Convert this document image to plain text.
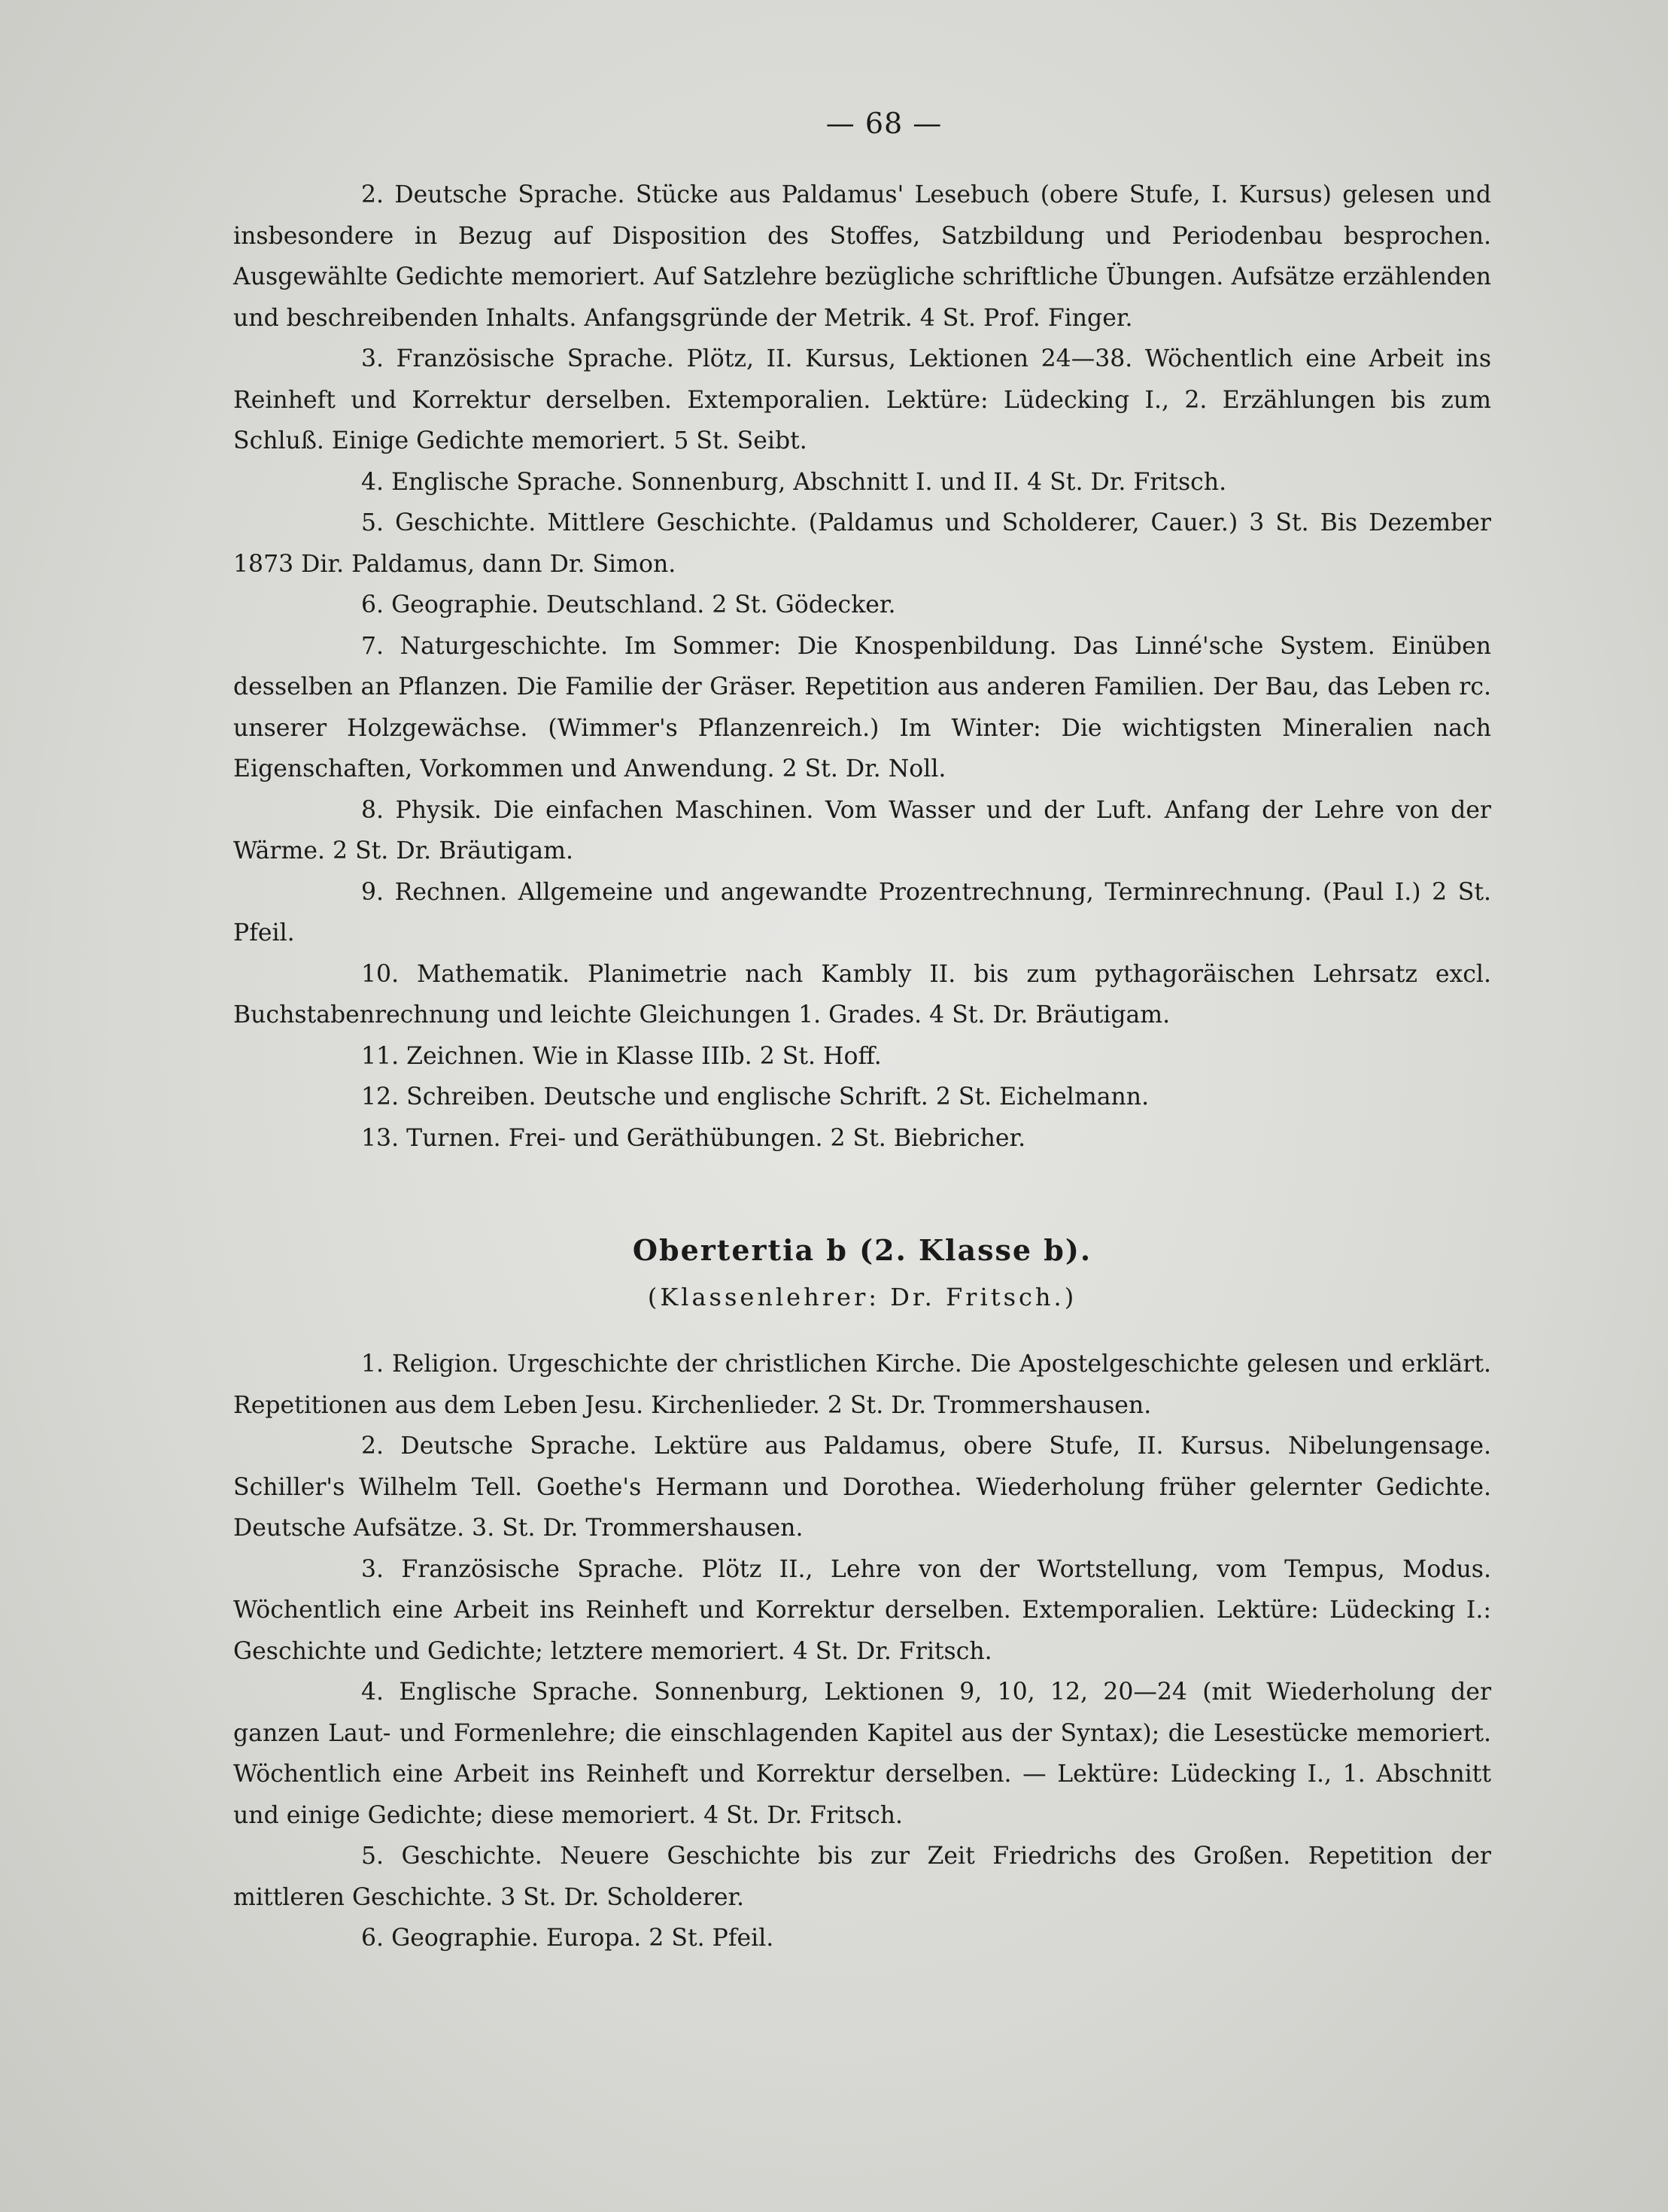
— 68 —

2. Deutsche Sprache. Stücke aus Paldamus' Lesebuch (obere Stufe, I. Kursus) gelesen und insbesondere in Bezug auf Disposition des Stoffes, Satzbildung und Periodenbau besprochen. Ausgewählte Gedichte memoriert. Auf Satzlehre bezügliche schriftliche Übungen. Aufsätze erzählenden und beschreibenden Inhalts. Anfangsgründe der Metrik. 4 St. Prof. Finger.

3. Französische Sprache. Plötz, II. Kursus, Lektionen 24—38. Wöchentlich eine Arbeit ins Reinheft und Korrektur derselben. Extemporalien. Lektüre: Lüdecking I., 2. Erzählungen bis zum Schluß. Einige Gedichte memoriert. 5 St. Seibt.

4. Englische Sprache. Sonnenburg, Abschnitt I. und II. 4 St. Dr. Fritsch.

5. Geschichte. Mittlere Geschichte. (Paldamus und Scholderer, Cauer.) 3 St. Bis Dezember 1873 Dir. Paldamus, dann Dr. Simon.

6. Geographie. Deutschland. 2 St. Gödecker.

7. Naturgeschichte. Im Sommer: Die Knospenbildung. Das Linné'sche System. Einüben desselben an Pflanzen. Die Familie der Gräser. Repetition aus anderen Familien. Der Bau, das Leben rc. unserer Holzgewächse. (Wimmer's Pflanzenreich.) Im Winter: Die wichtigsten Mineralien nach Eigenschaften, Vorkommen und Anwendung. 2 St. Dr. Noll.

8. Physik. Die einfachen Maschinen. Vom Wasser und der Luft. Anfang der Lehre von der Wärme. 2 St. Dr. Bräutigam.

9. Rechnen. Allgemeine und angewandte Prozentrechnung, Terminrechnung. (Paul I.) 2 St. Pfeil.

10. Mathematik. Planimetrie nach Kambly II. bis zum pythagoräischen Lehrsatz excl. Buchstabenrechnung und leichte Gleichungen 1. Grades. 4 St. Dr. Bräutigam.

11. Zeichnen. Wie in Klasse IIIb. 2 St. Hoff.

12. Schreiben. Deutsche und englische Schrift. 2 St. Eichelmann.

13. Turnen. Frei- und Geräthübungen. 2 St. Biebricher.

Obertertia b (2. Klasse b).
(Klassenlehrer: Dr. Fritsch.)

1. Religion. Urgeschichte der christlichen Kirche. Die Apostelgeschichte gelesen und erklärt. Repetitionen aus dem Leben Jesu. Kirchenlieder. 2 St. Dr. Trommershausen.

2. Deutsche Sprache. Lektüre aus Paldamus, obere Stufe, II. Kursus. Nibelungensage. Schiller's Wilhelm Tell. Goethe's Hermann und Dorothea. Wiederholung früher gelernter Gedichte. Deutsche Aufsätze. 3. St. Dr. Trommershausen.

3. Französische Sprache. Plötz II., Lehre von der Wortstellung, vom Tempus, Modus. Wöchentlich eine Arbeit ins Reinheft und Korrektur derselben. Extemporalien. Lektüre: Lüdecking I.: Geschichte und Gedichte; letztere memoriert. 4 St. Dr. Fritsch.

4. Englische Sprache. Sonnenburg, Lektionen 9, 10, 12, 20—24 (mit Wiederholung der ganzen Laut- und Formenlehre; die einschlagenden Kapitel aus der Syntax); die Lesestücke memoriert. Wöchentlich eine Arbeit ins Reinheft und Korrektur derselben. — Lektüre: Lüdecking I., 1. Abschnitt und einige Gedichte; diese memoriert. 4 St. Dr. Fritsch.

5. Geschichte. Neuere Geschichte bis zur Zeit Friedrichs des Großen. Repetition der mittleren Geschichte. 3 St. Dr. Scholderer.

6. Geographie. Europa. 2 St. Pfeil.
